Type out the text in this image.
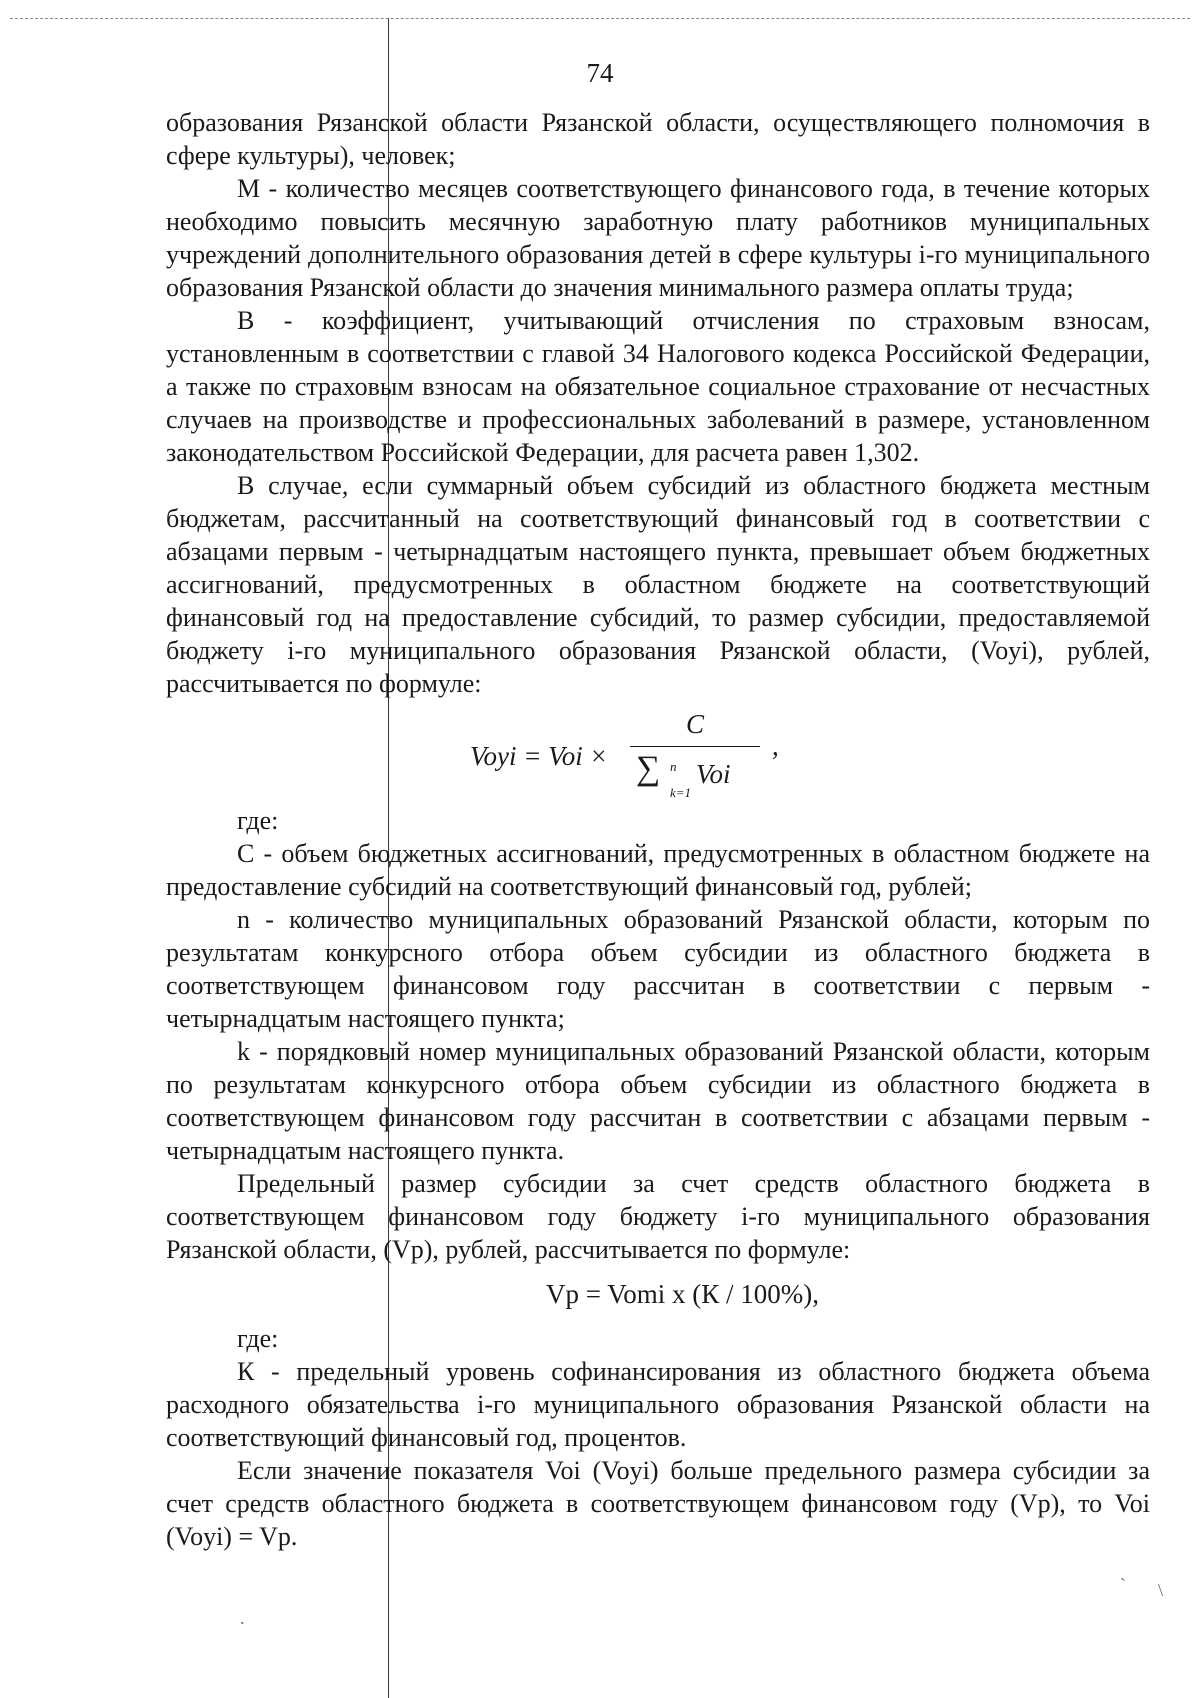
74

образования Рязанской области Рязанской области, осуществляющего полномочия в сфере культуры), человек;

M - количество месяцев соответствующего финансового года, в течение которых необходимо повысить месячную заработную плату работников муниципальных учреждений дополнительного образования детей в сфере культуры i-го муниципального образования Рязанской области до значения минимального размера оплаты труда;

B - коэффициент, учитывающий отчисления по страховым взносам, установленным в соответствии с главой 34 Налогового кодекса Российской Федерации, а также по страховым взносам на обязательное социальное страхование от несчастных случаев на производстве и профессиональных заболеваний в размере, установленном законодательством Российской Федерации, для расчета равен 1,302.

В случае, если суммарный объем субсидий из областного бюджета местным бюджетам, рассчитанный на соответствующий финансовый год в соответствии с абзацами первым - четырнадцатым настоящего пункта, превышает объем бюджетных ассигнований, предусмотренных в областном бюджете на соответствующий финансовый год на предоставление субсидий, то размер субсидии, предоставляемой бюджету i-го муниципального образования Рязанской области, (Voyi), рублей, рассчитывается по формуле:

Voyi = Voi ×
C
∑ n
k=1
Voi
,

где:

С - объем бюджетных ассигнований, предусмотренных в областном бюджете на предоставление субсидий на соответствующий финансовый год, рублей;

n - количество муниципальных образований Рязанской области, которым по результатам конкурсного отбора объем субсидии из областного бюджета в соответствующем финансовом году рассчитан в соответствии с первым - четырнадцатым настоящего пункта;

k - порядковый номер муниципальных образований Рязанской области, которым по результатам конкурсного отбора объем субсидии из областного бюджета в соответствующем финансовом году рассчитан в соответствии с абзацами первым - четырнадцатым настоящего пункта.

Предельный размер субсидии за счет средств областного бюджета в соответствующем финансовом году бюджету i-го муниципального образования Рязанской области, (Vp), рублей, рассчитывается по формуле:

Vp = Vomi x (К / 100%),

где:

К - предельный уровень софинансирования из областного бюджета объема расходного обязательства i-го муниципального образования Рязанской области на соответствующий финансовый год, процентов.

Если значение показателя Voi (Voyi) больше предельного размера субсидии за счет средств областного бюджета в соответствующем финансовом году (Vp), то Voi (Voyi) = Vp.

` \
.
